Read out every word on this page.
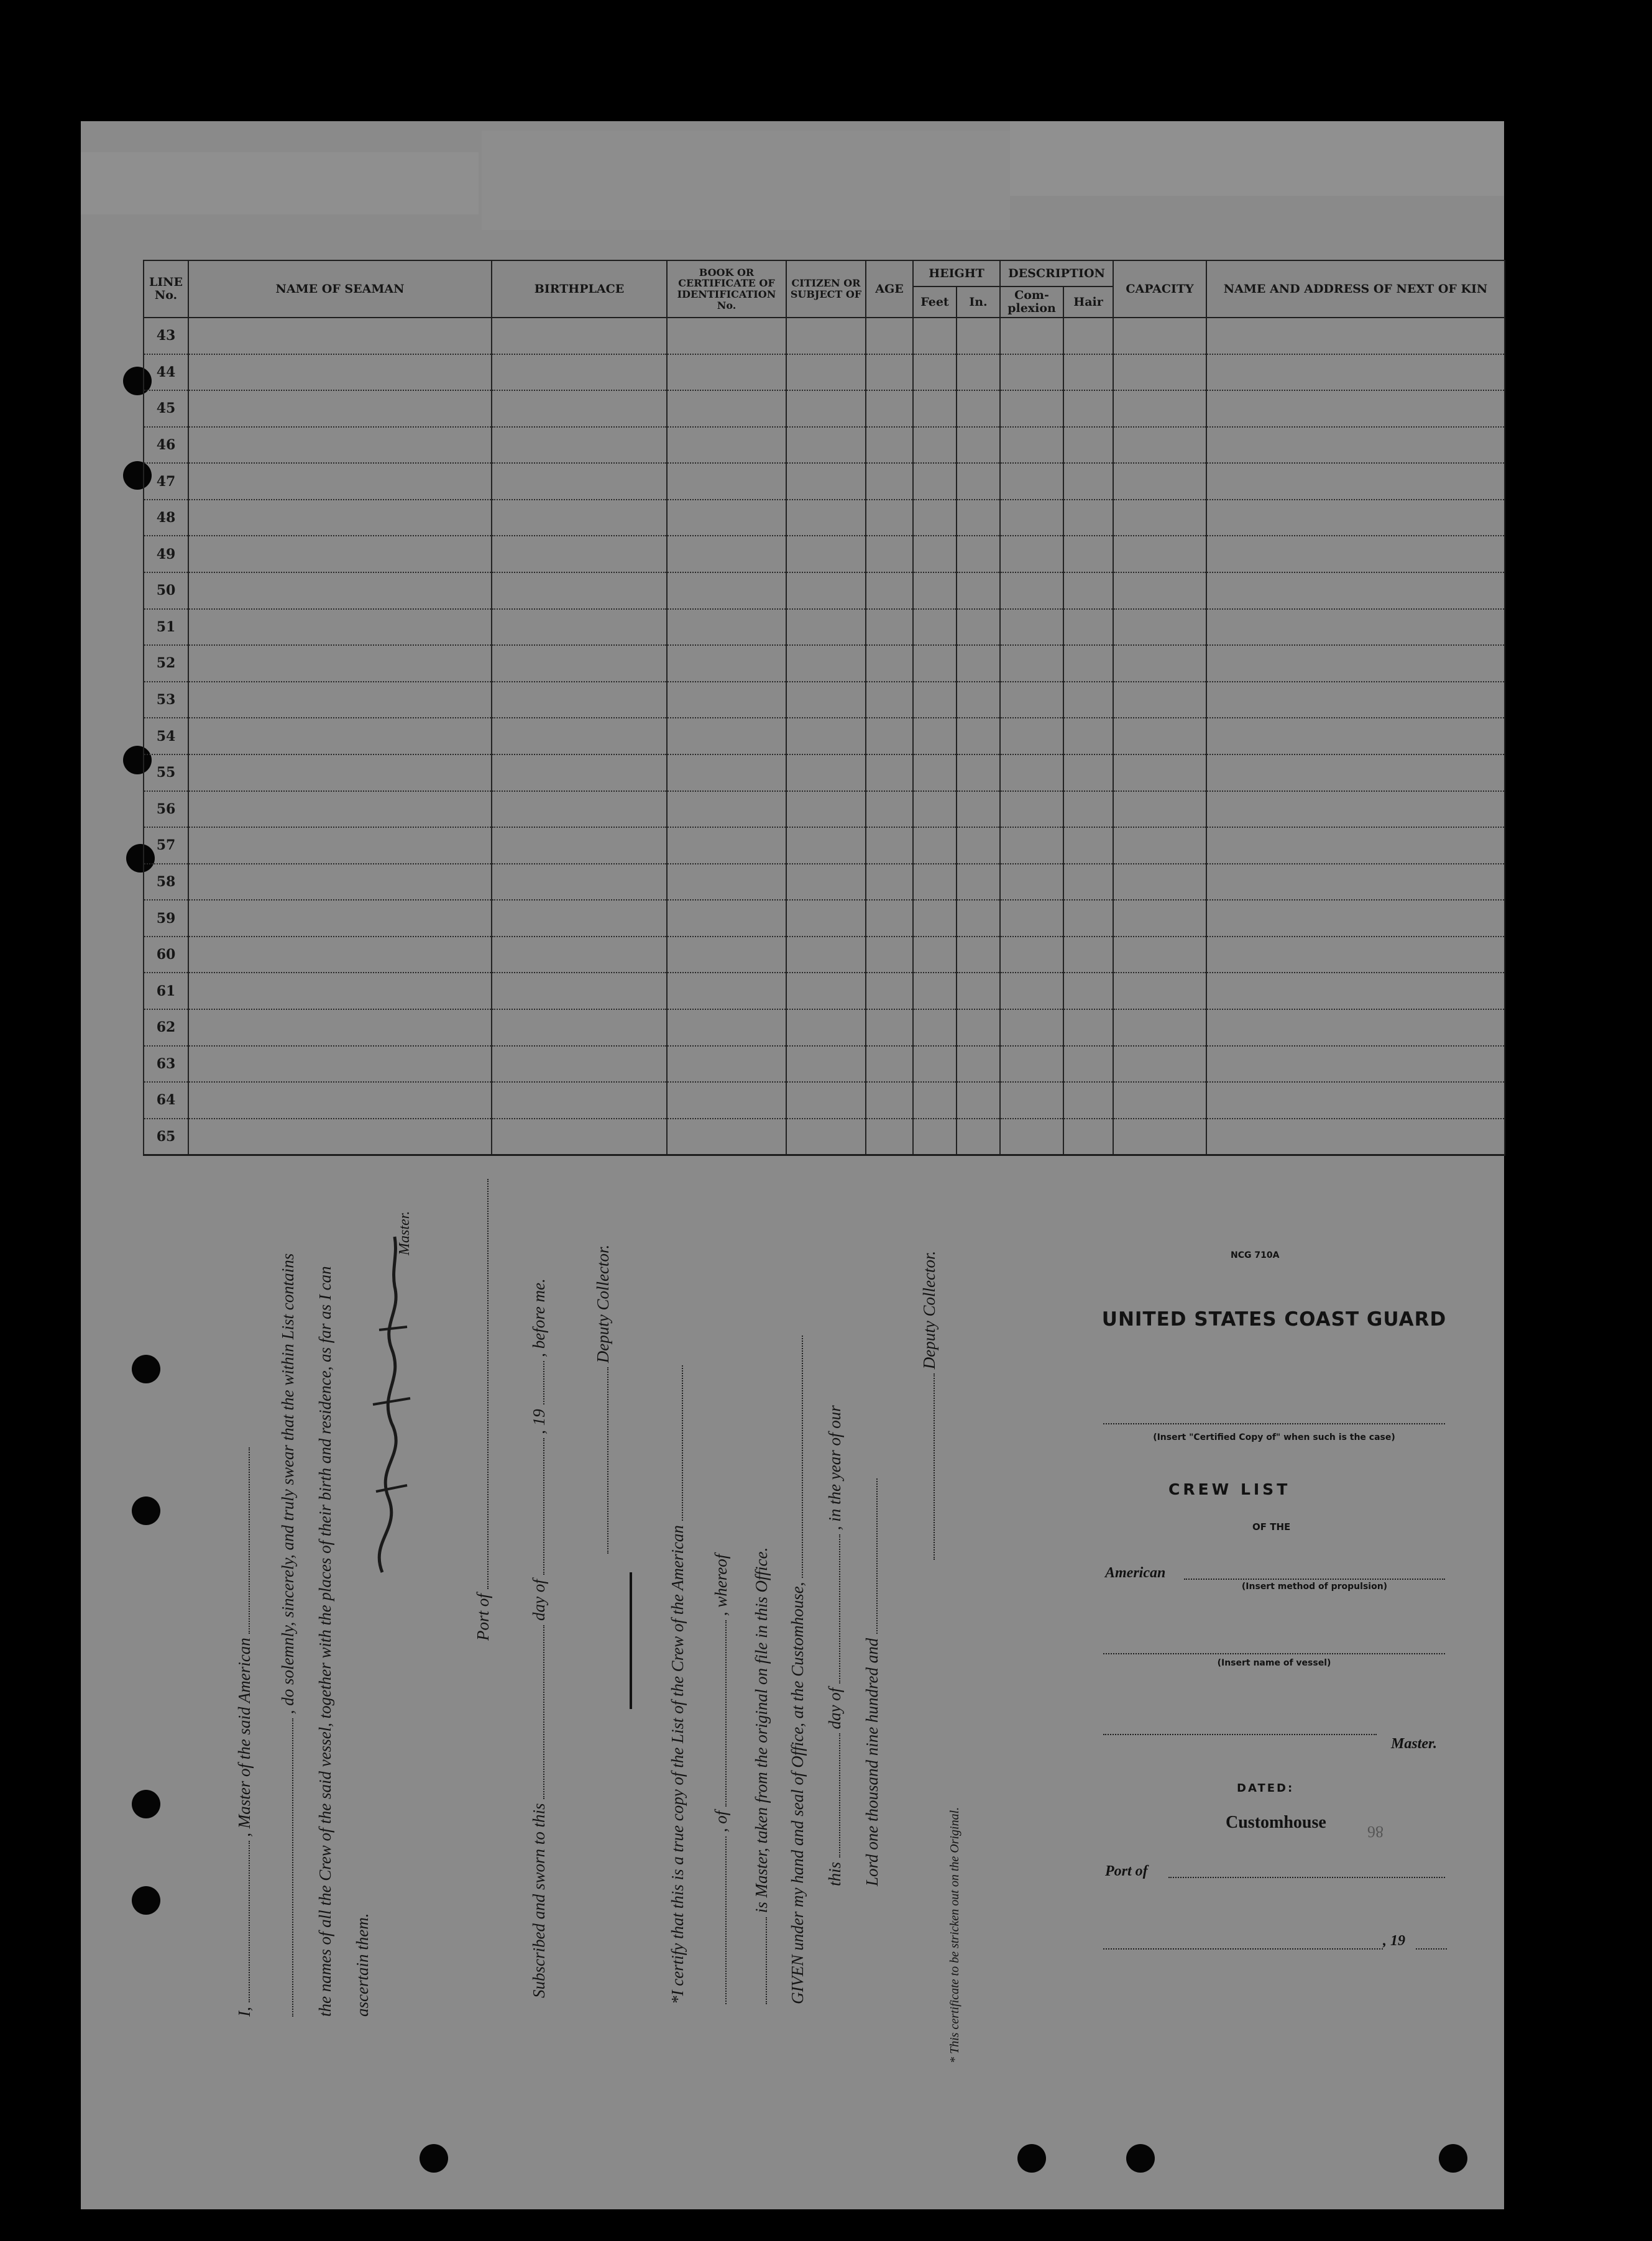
LINE No.	NAME OF SEAMAN	BIRTHPLACE	BOOK OR CERTIFICATE OF IDENTIFICATION No.	CITIZEN OR SUBJECT OF	AGE	HEIGHT		DESCRIPTION		CAPACITY	NAME AND ADDRESS OF NEXT OF KIN
						Feet	In.	Com- plexion	Hair		
43											
44											
45											
46											
47											
48											
49											
50											
51											
52											
53											
54											
55											
56											
57											
58											
59											
60											
61											
62											
63											
64											
65											
I,  , Master of the said American
, do solemnly, sincerely, and truly swear that the within List contains the names of all the Crew of the said vessel, together with the places of their birth and residence, as far as I can ascertain them.
Master.
Port of
Subscribed and sworn to this  day of  , 19  , before me.	Deputy Collector.
*I certify that this is a true copy of the List of the Crew of the American , of  , whereof is Master, taken from the original on file in this Office. GIVEN under my hand and seal of Office, at the Customhouse, this  day of  , in the year of our
Lord one thousand nine hundred and
Deputy Collector.
* This certificate to be stricken out on the Original.
NCG 710A
UNITED STATES COAST GUARD
(Insert "Certified Copy of" when such is the case)
CREW LIST
OF THE
American
(Insert method of propulsion)
(Insert name of vessel)
Master.
DATED:
Customhouse	86
Port of
, 19
